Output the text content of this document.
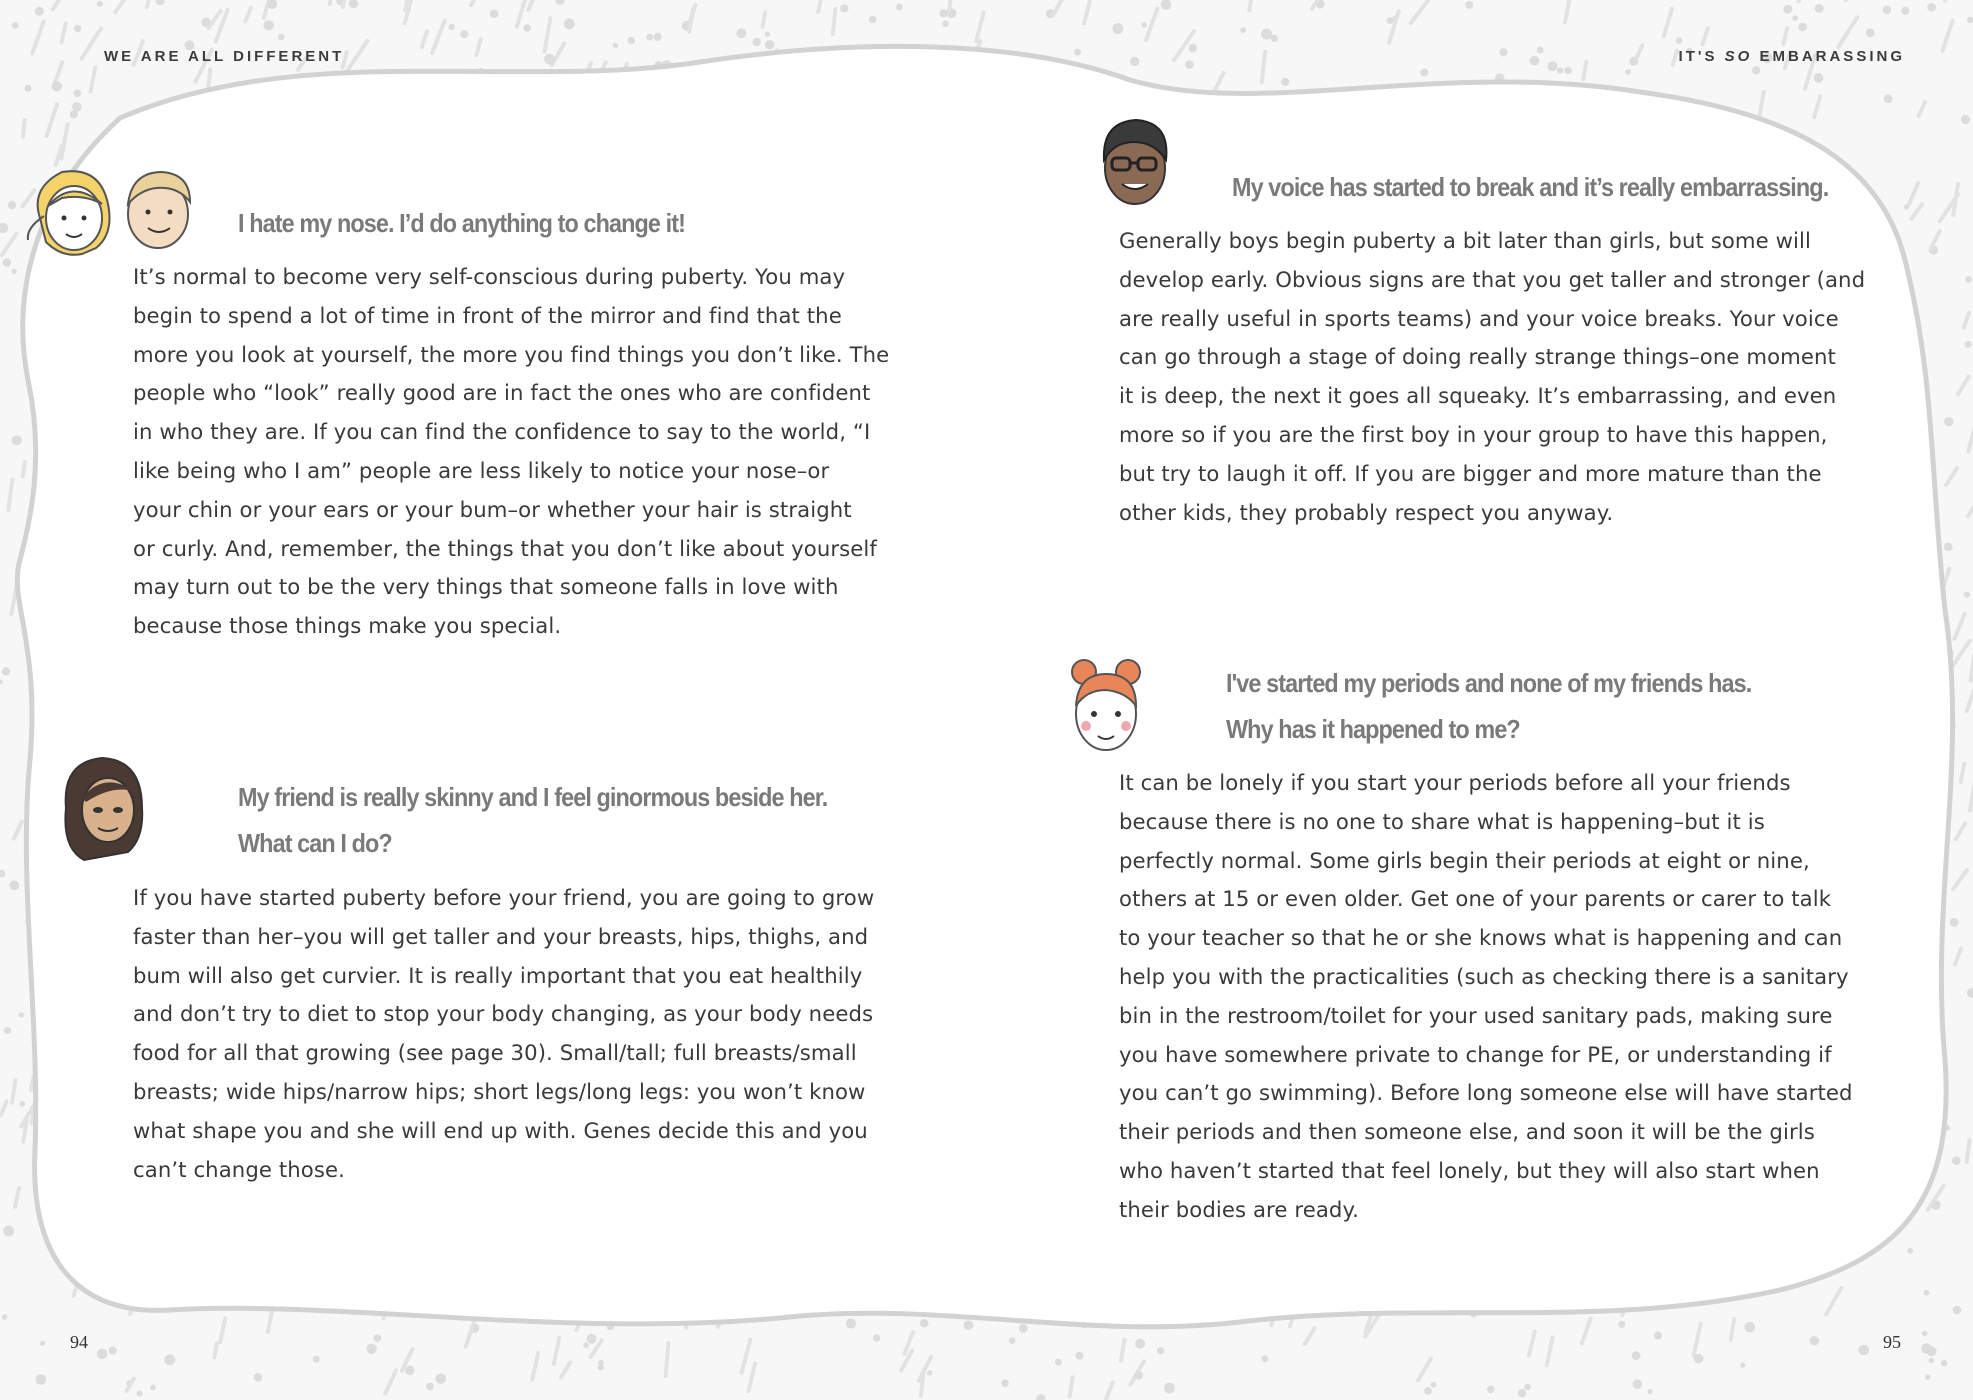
WE ARE ALL DIFFERENT	IT'S SO EMBARASSING
I hate my nose. I’d do anything to change it!

It’s normal to become very self-conscious during puberty. You may
begin to spend a lot of time in front of the mirror and find that the
more you look at yourself, the more you find things you don’t like. The
people who “look” really good are in fact the ones who are confident
in who they are. If you can find the confidence to say to the world, “I
like being who I am” people are less likely to notice your nose–or
your chin or your ears or your bum–or whether your hair is straight
or curly. And, remember, the things that you don’t like about yourself
may turn out to be the very things that someone falls in love with
because those things make you special.

My friend is really skinny and I feel ginormous beside her.
What can I do?

If you have started puberty before your friend, you are going to grow
faster than her–you will get taller and your breasts, hips, thighs, and
bum will also get curvier. It is really important that you eat healthily
and don’t try to diet to stop your body changing, as your body needs
food for all that growing (see page 30). Small/tall; full breasts/small
breasts; wide hips/narrow hips; short legs/long legs: you won’t know
what shape you and she will end up with. Genes decide this and you
can’t change those.

My voice has started to break and it’s really embarrassing.

Generally boys begin puberty a bit later than girls, but some will
develop early. Obvious signs are that you get taller and stronger (and
are really useful in sports teams) and your voice breaks. Your voice
can go through a stage of doing really strange things–one moment
it is deep, the next it goes all squeaky. It’s embarrassing, and even
more so if you are the first boy in your group to have this happen,
but try to laugh it off. If you are bigger and more mature than the
other kids, they probably respect you anyway.

I've started my periods and none of my friends has.
Why has it happened to me?

It can be lonely if you start your periods before all your friends
because there is no one to share what is happening–but it is
perfectly normal. Some girls begin their periods at eight or nine,
others at 15 or even older. Get one of your parents or carer to talk
to your teacher so that he or she knows what is happening and can
help you with the practicalities (such as checking there is a sanitary
bin in the restroom/toilet for your used sanitary pads, making sure
you have somewhere private to change for PE, or understanding if
you can’t go swimming). Before long someone else will have started
their periods and then someone else, and soon it will be the girls
who haven’t started that feel lonely, but they will also start when
their bodies are ready.

94	95
